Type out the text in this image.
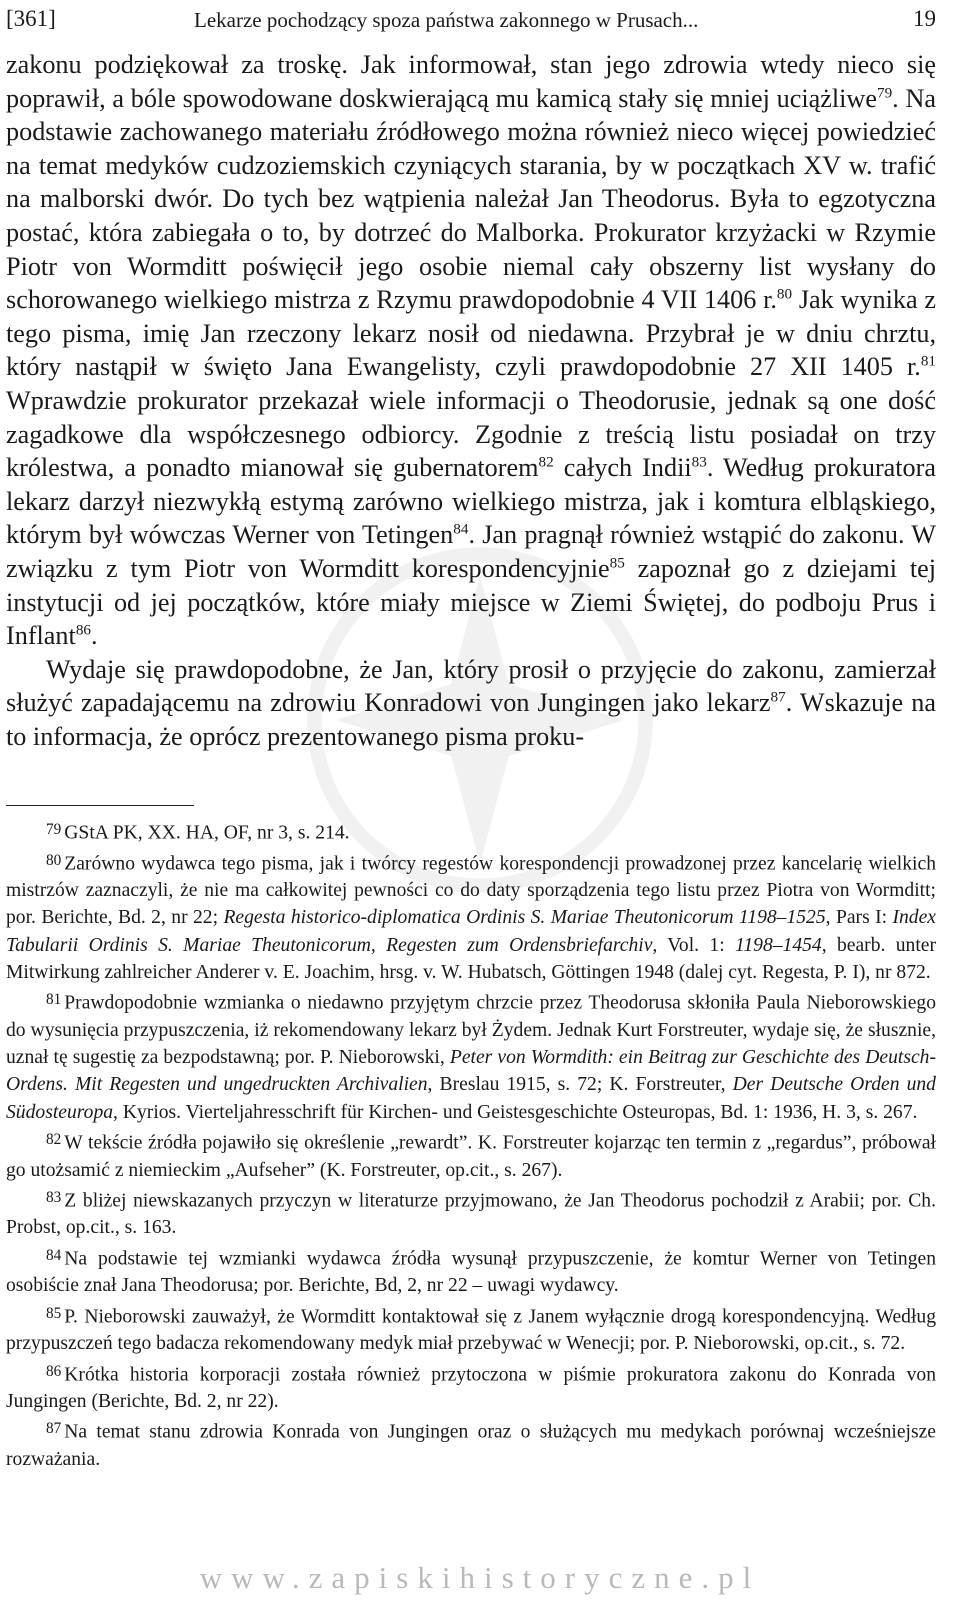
[361]	Lekarze pochodzący spoza państwa zakonnego w Prusach...	19

zakonu podziękował za troskę. Jak informował, stan jego zdrowia wtedy nieco się poprawił, a bóle spowodowane doskwierającą mu kamicą stały się mniej uciążliwe$^{79}$. Na podstawie zachowanego materiału źródłowego można również nieco więcej powiedzieć na temat medyków cudzoziemskich czyniących starania, by w początkach XV w. trafić na malborski dwór. Do tych bez wątpienia należał Jan Theodorus. Była to egzotyczna postać, która zabiegała o to, by dotrzeć do Malborka. Prokurator krzyżacki w Rzymie Piotr von Wormditt poświęcił jego osobie niemal cały obszerny list wysłany do schorowanego wielkiego mistrza z Rzymu prawdopodobnie 4 VII 1406 r.$^{80}$ Jak wynika z tego pisma, imię Jan rzeczony lekarz nosił od niedawna. Przybrał je w dniu chrztu, który nastąpił w święto Jana Ewangelisty, czyli prawdopodobnie 27 XII 1405 r.$^{81}$ Wprawdzie prokurator przekazał wiele informacji o Theodorusie, jednak są one dość zagadkowe dla współczesnego odbiorcy. Zgodnie z treścią listu posiadał on trzy królestwa, a ponadto mianował się gubernatorem$^{82}$ całych Indii$^{83}$. Według prokuratora lekarz darzył niezwykłą estymą zarówno wielkiego mistrza, jak i komtura elbląskiego, którym był wówczas Werner von Tetingen$^{84}$. Jan pragnął również wstąpić do zakonu. W związku z tym Piotr von Wormditt korespondencyjnie$^{85}$ zapoznał go z dziejami tej instytucji od jej początków, które miały miejsce w Ziemi Świętej, do podboju Prus i Inflant$^{86}$.

Wydaje się prawdopodobne, że Jan, który prosił o przyjęcie do zakonu, zamierzał służyć zapadającemu na zdrowiu Konradowi von Jungingen jako lekarz$^{87}$. Wskazuje na to informacja, że oprócz prezentowanego pisma proku-

$^{79}$ GStA PK, XX. HA, OF, nr 3, s. 214.

$^{80}$ Zarówno wydawca tego pisma, jak i twórcy regestów korespondencji prowadzonej przez kancelarię wielkich mistrzów zaznaczyli, że nie ma całkowitej pewności co do daty sporządzenia tego listu przez Piotra von Wormditt; por. Berichte, Bd. 2, nr 22; Regesta historico-diplomatica Ordinis S. Mariae Theutonicorum 1198–1525, Pars I: Index Tabularii Ordinis S. Mariae Theutonicorum, Regesten zum Ordensbriefarchiv, Vol. 1: 1198–1454, bearb. unter Mitwirkung zahlreicher Anderer v. E. Joachim, hrsg. v. W. Hubatsch, Göttingen 1948 (dalej cyt. Regesta, P. I), nr 872.

$^{81}$ Prawdopodobnie wzmianka o niedawno przyjętym chrzcie przez Theodorusa skłoniła Paula Nieborowskiego do wysunięcia przypuszczenia, iż rekomendowany lekarz był Żydem. Jednak Kurt Forstreuter, wydaje się, że słusznie, uznał tę sugestię za bezpodstawną; por. P. Nieborowski, Peter von Wormdith: ein Beitrag zur Geschichte des Deutsch-Ordens. Mit Regesten und ungedruckten Archivalien, Breslau 1915, s. 72; K. Forstreuter, Der Deutsche Orden und Südosteuropa, Kyrios. Vierteljahresschrift für Kirchen- und Geistesgeschichte Osteuropas, Bd. 1: 1936, H. 3, s. 267.

$^{82}$ W tekście źródła pojawiło się określenie „rewardt”. K. Forstreuter kojarząc ten termin z „regardus”, próbował go utożsamić z niemieckim „Aufseher” (K. Forstreuter, op.cit., s. 267).

$^{83}$ Z bliżej niewskazanych przyczyn w literaturze przyjmowano, że Jan Theodorus pochodził z Arabii; por. Ch. Probst, op.cit., s. 163.

$^{84}$ Na podstawie tej wzmianki wydawca źródła wysunął przypuszczenie, że komtur Werner von Tetingen osobiście znał Jana Theodorusa; por. Berichte, Bd, 2, nr 22 – uwagi wydawcy.

$^{85}$ P. Nieborowski zauważył, że Wormditt kontaktował się z Janem wyłącznie drogą korespondencyjną. Według przypuszczeń tego badacza rekomendowany medyk miał przebywać w Wenecji; por. P. Nieborowski, op.cit., s. 72.

$^{86}$ Krótka historia korporacji została również przytoczona w piśmie prokuratora zakonu do Konrada von Jungingen (Berichte, Bd. 2, nr 22).

$^{87}$ Na temat stanu zdrowia Konrada von Jungingen oraz o służących mu medykach porównaj wcześniejsze rozważania.

www.zapiskihistoryczne.pl
